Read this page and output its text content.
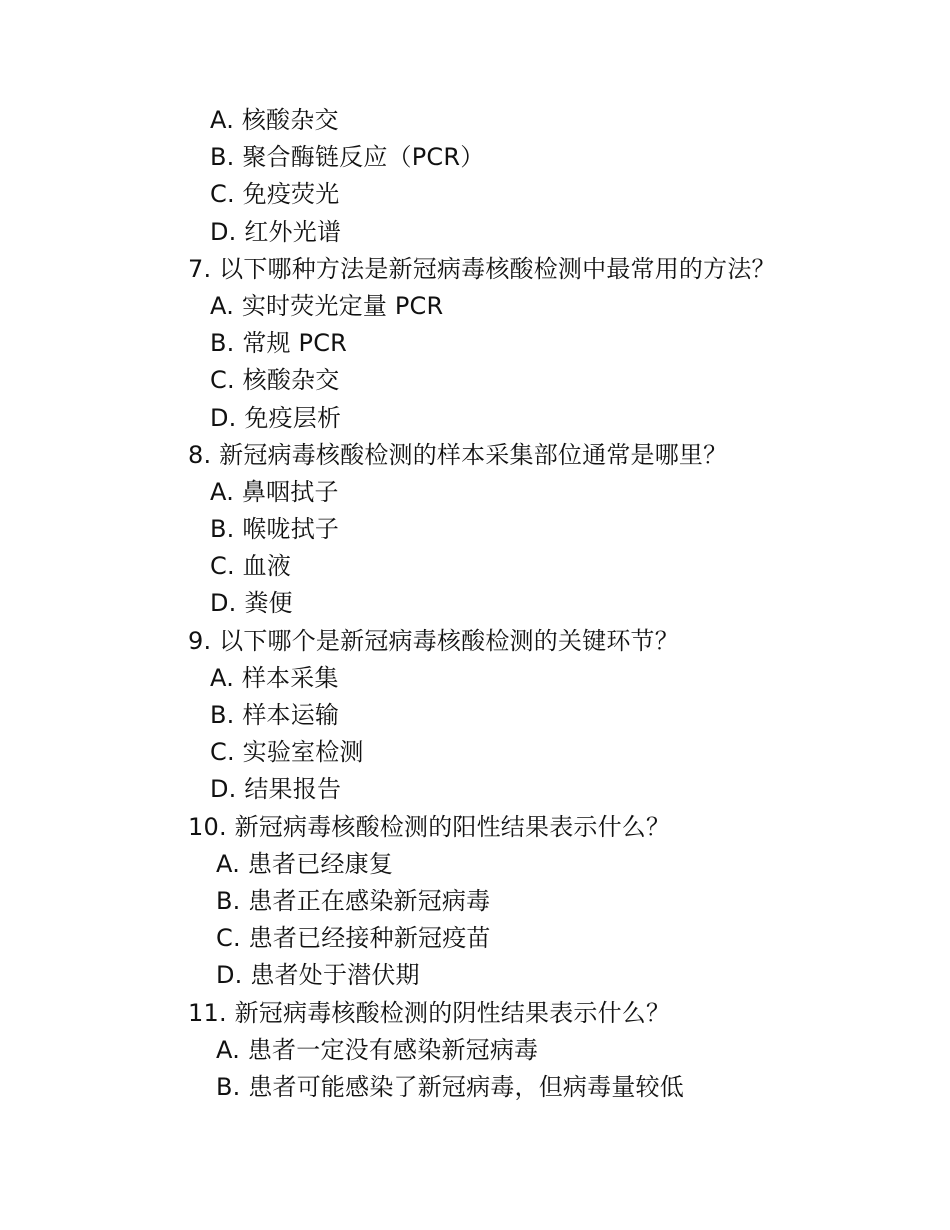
A. 核酸杂交
B. 聚合酶链反应（PCR）
C. 免疫荧光
D. 红外光谱
7. 以下哪种方法是新冠病毒核酸检测中最常用的方法？
A. 实时荧光定量 PCR
B. 常规 PCR
C. 核酸杂交
D. 免疫层析
8. 新冠病毒核酸检测的样本采集部位通常是哪里？
A. 鼻咽拭子
B. 喉咙拭子
C. 血液
D. 粪便
9. 以下哪个是新冠病毒核酸检测的关键环节？
A. 样本采集
B. 样本运输
C. 实验室检测
D. 结果报告
10. 新冠病毒核酸检测的阳性结果表示什么？
A. 患者已经康复
B. 患者正在感染新冠病毒
C. 患者已经接种新冠疫苗
D. 患者处于潜伏期
11. 新冠病毒核酸检测的阴性结果表示什么？
A. 患者一定没有感染新冠病毒
B. 患者可能感染了新冠病毒，但病毒量较低
